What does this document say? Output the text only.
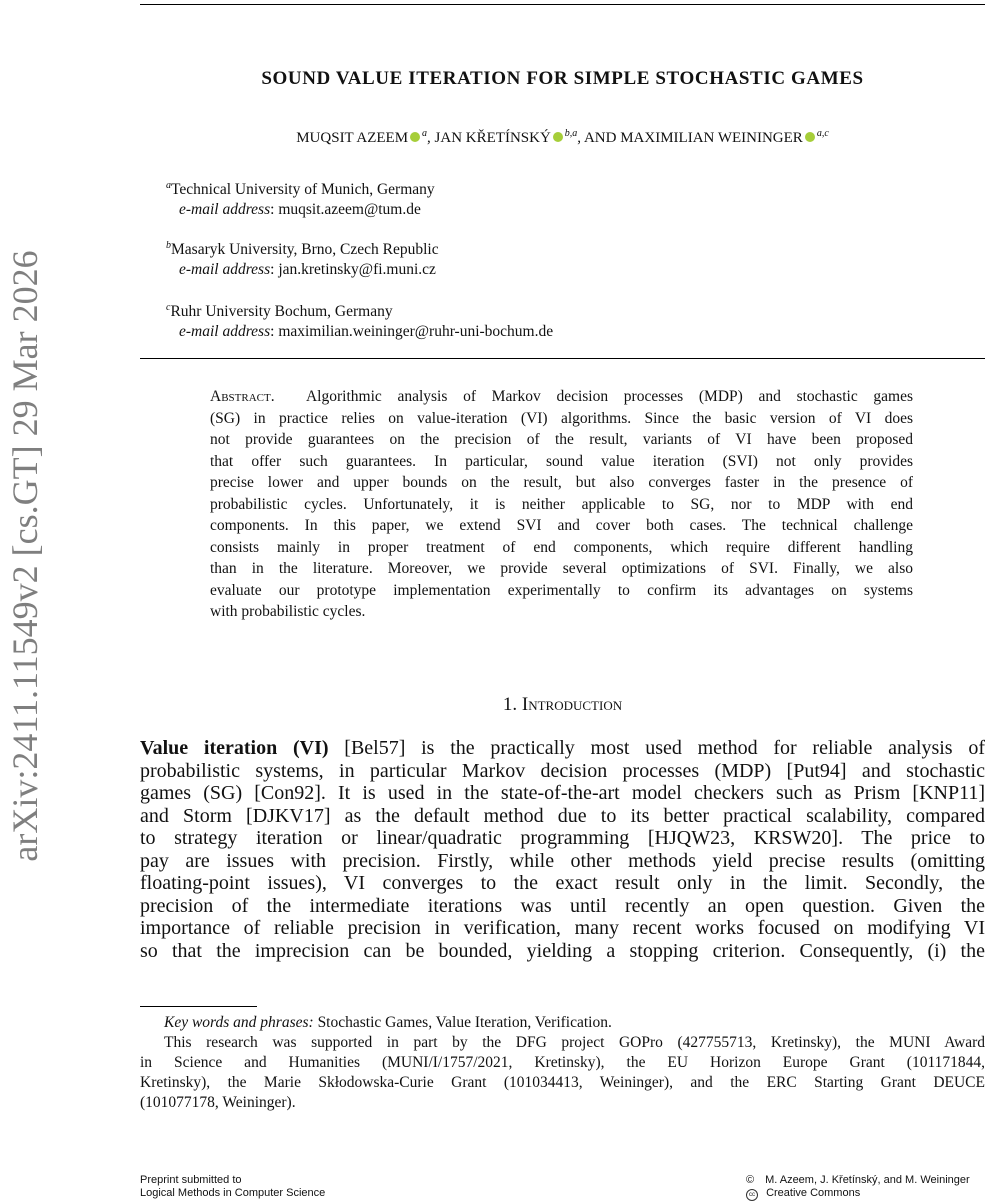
arXiv:2411.11549v2 [cs.GT] 29 Mar 2026
SOUND VALUE ITERATION FOR SIMPLE STOCHASTIC GAMES
MUQSIT AZEEM $^a$, JAN KŘETÍNSKÝ $^{b,a}$, AND MAXIMILIAN WEININGER $^{a,c}$
$^a$Technical University of Munich, Germany
e-mail address: muqsit.azeem@tum.de
$^b$Masaryk University, Brno, Czech Republic
e-mail address: jan.kretinsky@fi.muni.cz
$^c$Ruhr University Bochum, Germany
e-mail address: maximilian.weininger@ruhr-uni-bochum.de
Abstract. Algorithmic analysis of Markov decision processes (MDP) and stochastic games
(SG) in practice relies on value-iteration (VI) algorithms. Since the basic version of VI does
not provide guarantees on the precision of the result, variants of VI have been proposed
that offer such guarantees. In particular, sound value iteration (SVI) not only provides
precise lower and upper bounds on the result, but also converges faster in the presence of
probabilistic cycles. Unfortunately, it is neither applicable to SG, nor to MDP with end
components. In this paper, we extend SVI and cover both cases. The technical challenge
consists mainly in proper treatment of end components, which require different handling
than in the literature. Moreover, we provide several optimizations of SVI. Finally, we also
evaluate our prototype implementation experimentally to confirm its advantages on systems
with probabilistic cycles.
1. Introduction
Value iteration (VI) [Bel57] is the practically most used method for reliable analysis of
probabilistic systems, in particular Markov decision processes (MDP) [Put94] and stochastic
games (SG) [Con92]. It is used in the state-of-the-art model checkers such as Prism [KNP11]
and Storm [DJKV17] as the default method due to its better practical scalability, compared
to strategy iteration or linear/quadratic programming [HJQW23, KRSW20]. The price to
pay are issues with precision. Firstly, while other methods yield precise results (omitting
floating-point issues), VI converges to the exact result only in the limit. Secondly, the
precision of the intermediate iterations was until recently an open question. Given the
importance of reliable precision in verification, many recent works focused on modifying VI
so that the imprecision can be bounded, yielding a stopping criterion. Consequently, (i) the
Key words and phrases: Stochastic Games, Value Iteration, Verification.
This research was supported in part by the DFG project GOPro (427755713, Kretinsky), the MUNI Award
in Science and Humanities (MUNI/I/1757/2021, Kretinsky), the EU Horizon Europe Grant (101171844,
Kretinsky), the Marie Skłodowska-Curie Grant (101034413, Weininger), and the ERC Starting Grant DEUCE
(101077178, Weininger).
Preprint submitted to
Logical Methods in Computer Science
© M. Azeem, J. Křetínský, and M. Weininger
cc Creative Commons
